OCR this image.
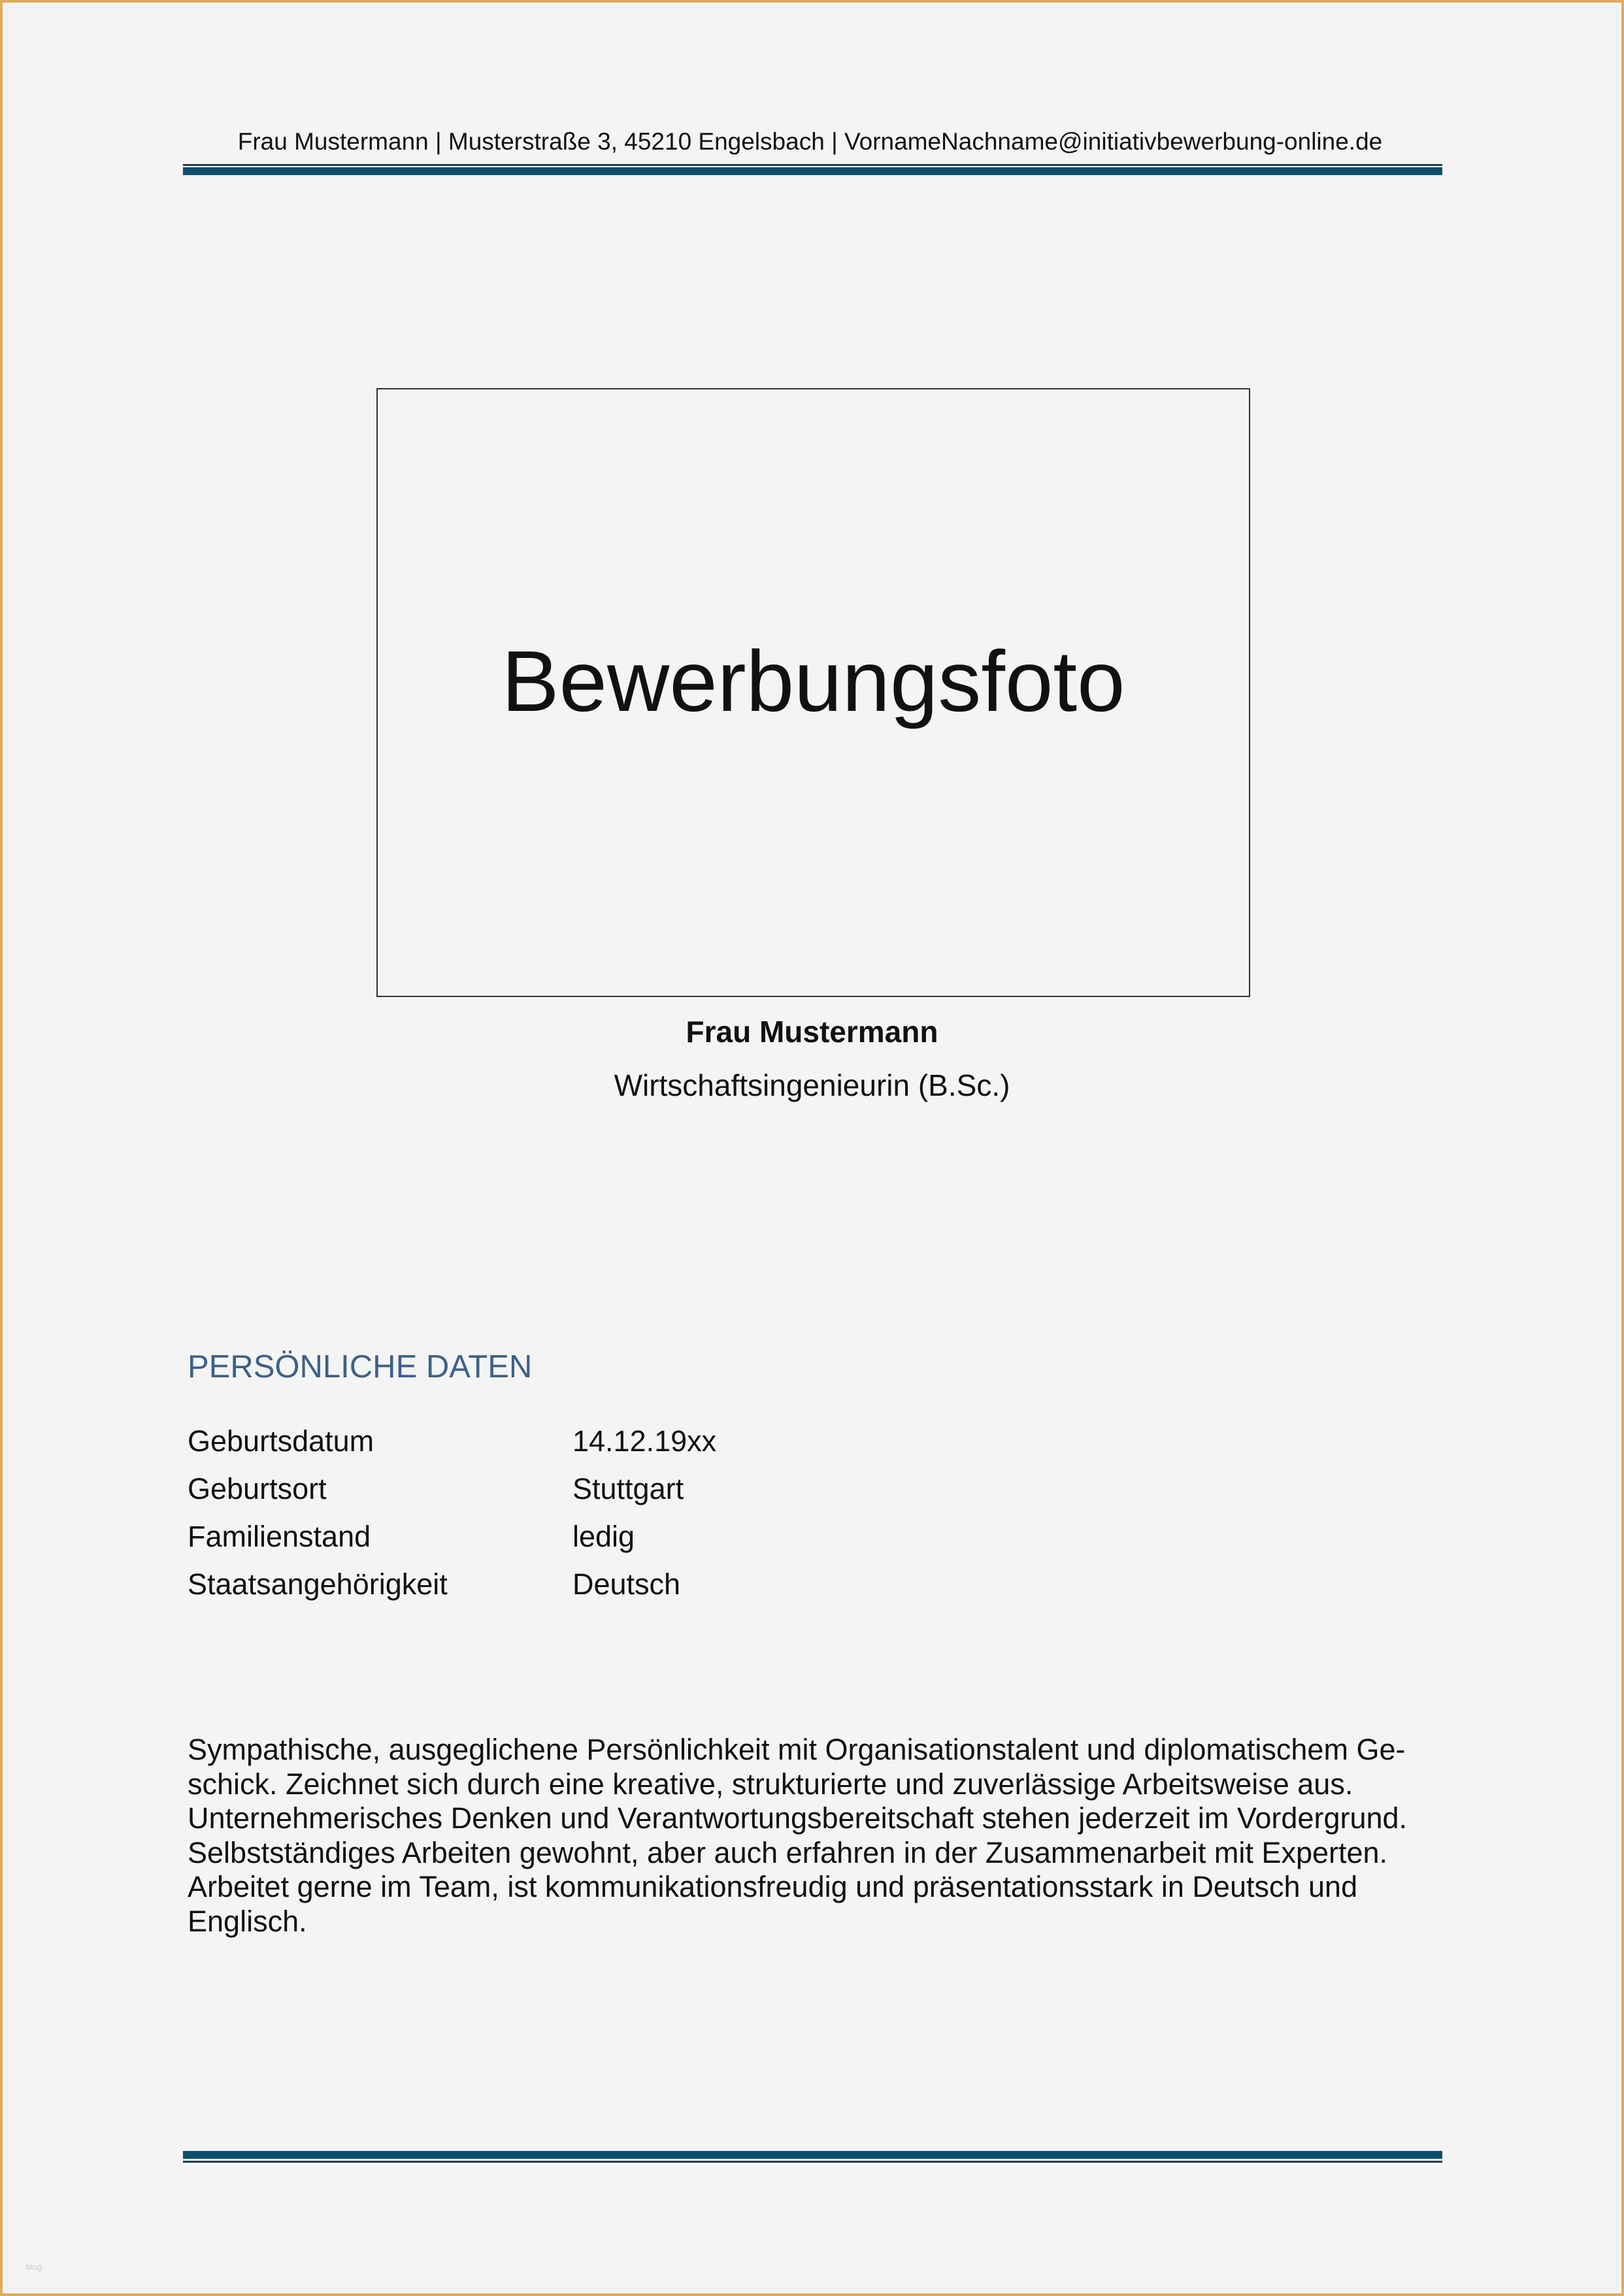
Frau Mustermann | Musterstraße 3, 45210 Engelsbach | VornameNachname@initiativbewerbung-online.de
Bewerbungsfoto
Frau Mustermann
Wirtschaftsingenieurin (B.Sc.)
PERSÖNLICHE DATEN
Geburtsdatum	14.12.19xx
Geburtsort	Stuttgart
Familienstand	ledig
Staatsangehörigkeit	Deutsch
Sympathische, ausgeglichene Persönlichkeit mit Organisationstalent und diplomatischem Ge-
schick. Zeichnet sich durch eine kreative, strukturierte und zuverlässige Arbeitsweise aus.
Unternehmerisches Denken und Verantwortungsbereitschaft stehen jederzeit im Vordergrund.
Selbstständiges Arbeiten gewohnt, aber auch erfahren in der Zusammenarbeit mit Experten.
Arbeitet gerne im Team, ist kommunikationsfreudig und präsentationsstark in Deutsch und
Englisch.
blog
